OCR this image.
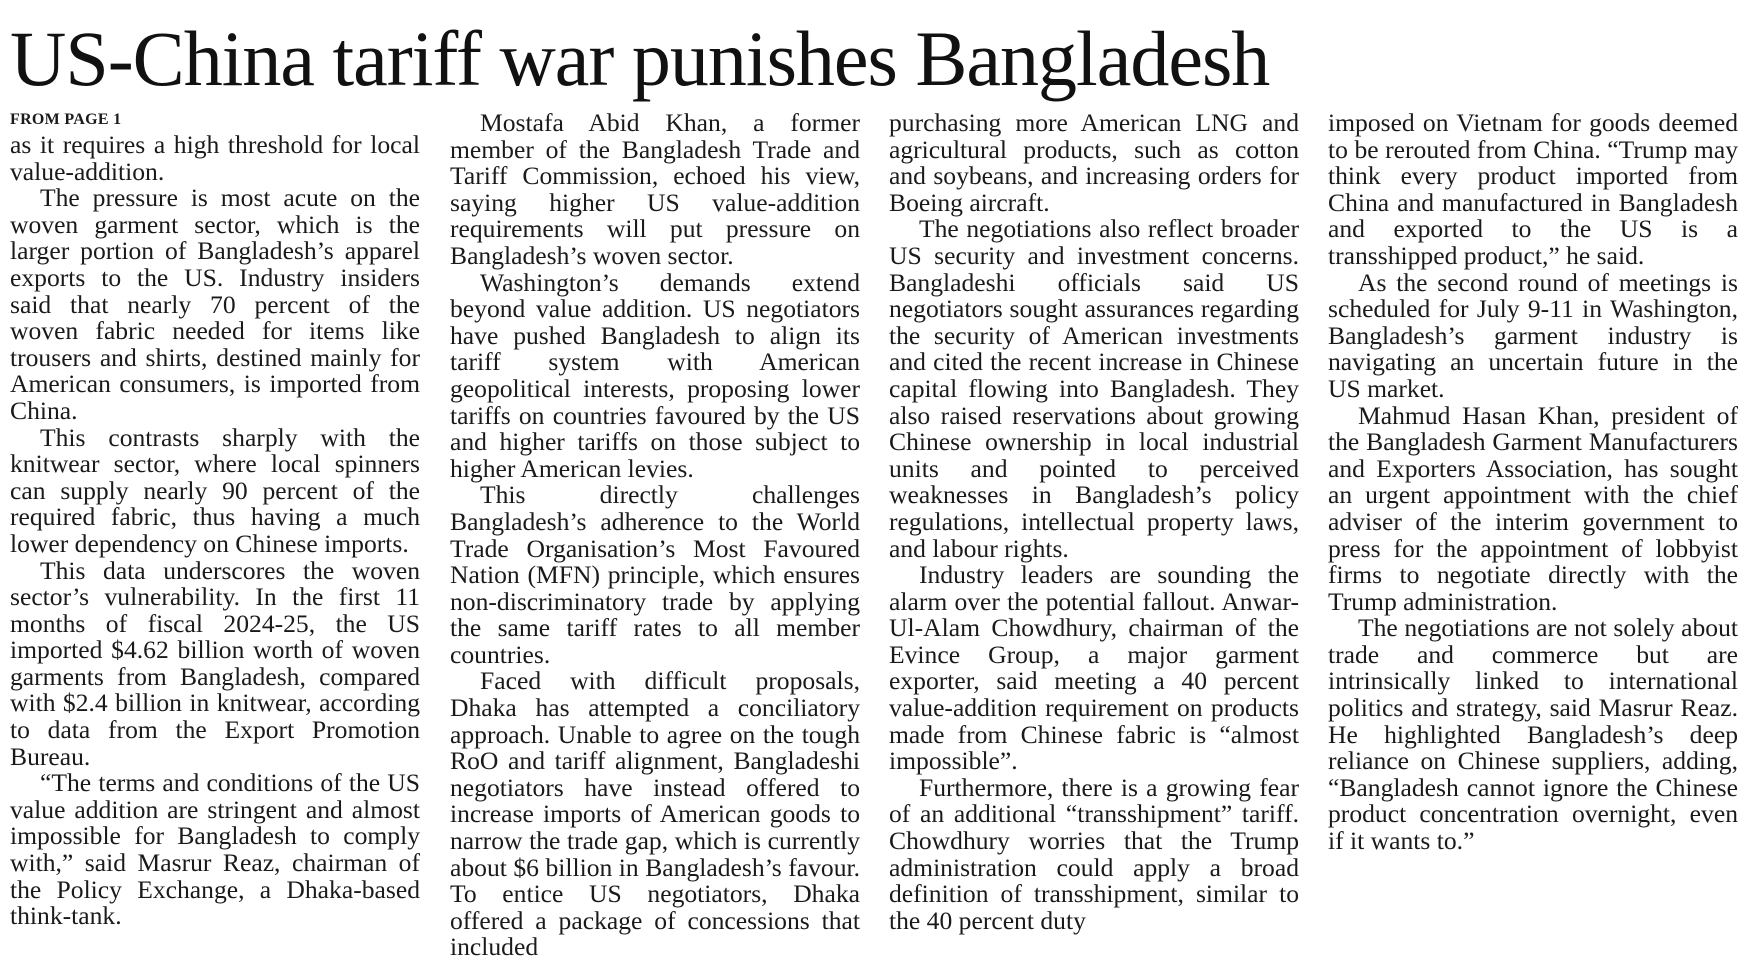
US-China tariff war punishes Bangladesh
FROM PAGE 1

as it requires a high threshold for local value-addition.

The pressure is most acute on the woven garment sector, which is the larger portion of Bangladesh’s apparel exports to the US. Industry insiders said that nearly 70 percent of the woven fabric needed for items like trousers and shirts, destined mainly for American consumers, is imported from China.

This contrasts sharply with the knitwear sector, where local spinners can supply nearly 90 percent of the required fabric, thus having a much lower dependency on Chinese imports.

This data underscores the woven sector’s vulnerability. In the first 11 months of fiscal 2024-25, the US imported $4.62 billion worth of woven garments from Bangladesh, compared with $2.4 billion in knitwear, according to data from the Export Promotion Bureau.

“The terms and conditions of the US value addition are stringent and almost impossible for Bangladesh to comply with,” said Masrur Reaz, chairman of the Policy Exchange, a Dhaka-based think-tank.

Mostafa Abid Khan, a former member of the Bangladesh Trade and Tariff Commission, echoed his view, saying higher US value-addition requirements will put pressure on Bangladesh’s woven sector.

Washington’s demands extend beyond value addition. US negotiators have pushed Bangladesh to align its tariff system with American geopolitical interests, proposing lower tariffs on countries favoured by the US and higher tariffs on those subject to higher American levies.

This directly challenges Bangladesh’s adherence to the World Trade Organisation’s Most Favoured Nation (MFN) principle, which ensures non-discriminatory trade by applying the same tariff rates to all member countries.

Faced with difficult proposals, Dhaka has attempted a conciliatory approach. Unable to agree on the tough RoO and tariff alignment, Bangladeshi negotiators have instead offered to increase imports of American goods to narrow the trade gap, which is currently about $6 billion in Bangladesh’s favour. To entice US negotiators, Dhaka offered a package of concessions that included

purchasing more American LNG and agricultural products, such as cotton and soybeans, and increasing orders for Boeing aircraft.

The negotiations also reflect broader US security and investment concerns. Bangladeshi officials said US negotiators sought assurances regarding the security of American investments and cited the recent increase in Chinese capital flowing into Bangladesh. They also raised reservations about growing Chinese ownership in local industrial units and pointed to perceived weaknesses in Bangladesh’s policy regulations, intellectual property laws, and labour rights.

Industry leaders are sounding the alarm over the potential fallout. Anwar-Ul-Alam Chowdhury, chairman of the Evince Group, a major garment exporter, said meeting a 40 percent value-addition requirement on products made from Chinese fabric is “almost impossible”.

Furthermore, there is a growing fear of an additional “transshipment” tariff. Chowdhury worries that the Trump administration could apply a broad definition of transshipment, similar to the 40 percent duty

imposed on Vietnam for goods deemed to be rerouted from China. “Trump may think every product imported from China and manufactured in Bangladesh and exported to the US is a transshipped product,” he said.

As the second round of meetings is scheduled for July 9-11 in Washington, Bangladesh’s garment industry is navigating an uncertain future in the US market.

Mahmud Hasan Khan, president of the Bangladesh Garment Manufacturers and Exporters Association, has sought an urgent appointment with the chief adviser of the interim government to press for the appointment of lobbyist firms to negotiate directly with the Trump administration.

The negotiations are not solely about trade and commerce but are intrinsically linked to international politics and strategy, said Masrur Reaz. He highlighted Bangladesh’s deep reliance on Chinese suppliers, adding, “Bangladesh cannot ignore the Chinese product concentration overnight, even if it wants to.”
